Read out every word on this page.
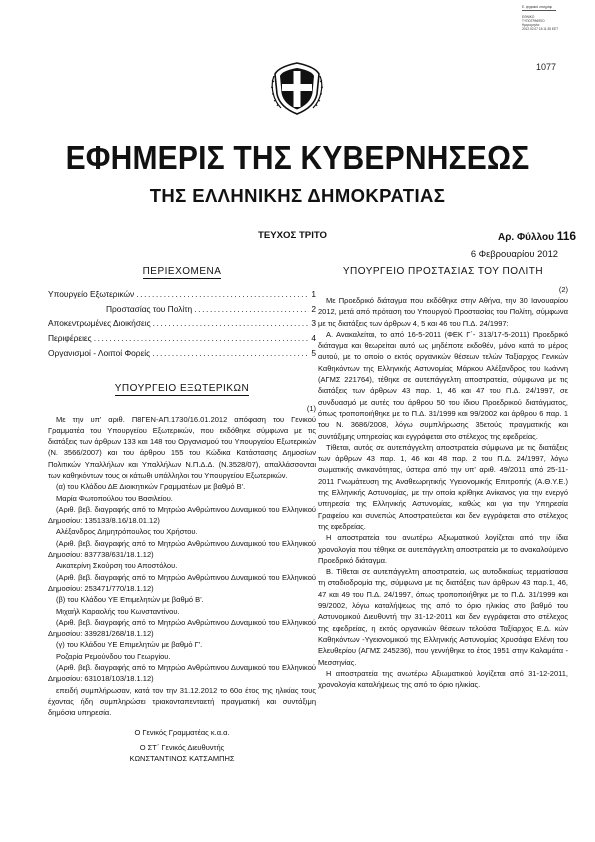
Ε. ψηφιακά υπογράφ
ΕΘΝΙΚΟ
ΤΥΠΟΓΡΑΦΕΙΟ
Ημερομηνία:
2012.02.07 15:11:35 EET
1077
ΕΦΗΜΕΡΙΣ ΤΗΣ ΚΥΒΕΡΝΗΣΕΩΣ
ΤΗΣ ΕΛΛΗΝΙΚΗΣ ΔΗΜΟΚΡΑΤΙΑΣ
ΤΕΥΧΟΣ ΤΡΙΤΟ	Αρ. Φύλλου 116
6 Φεβρουαρίου 2012
ΠΕΡΙΕΧΟΜΕΝΑ
Υπουργείο Εξωτερικών .....	1
Προστασίας του Πολίτη .....	2
Αποκεντρωμένες Διοικήσεις .....	3
Περιφέρειες .....	4
Οργανισμοί - Λοιποί Φορείς .....	5
ΥΠΟΥΡΓΕΙΟ ΕΞΩΤΕΡΙΚΩΝ
(1)

Με την υπ' αριθ. Π8ΓΕΝ-ΑΠ.1730/16.01.2012 απόφαση του Γενικού Γραμματέα του Υπουργείου Εξωτερικών, που εκδόθηκε σύμφωνα με τις διατάξεις των άρθρων 133 και 148 του Οργανισμού του Υπουργείου Εξωτερικών (Ν. 3566/2007) και του άρθρου 155 του Κώδικα Κατάστασης Δημοσίων Πολιτικών Υπαλλήλων και Υπαλλήλων Ν.Π.Δ.Δ. (Ν.3528/07), απαλλάσσονται των καθηκόντων τους οι κάτωθι υπάλληλοι του Υπουργείου Εξωτερικών.

(α) του Κλάδου ΔΕ Διοικητικών Γραμματέων με βαθμό Β'.

Μαρία Φωτοπούλου του Βασιλείου.

(Αριθ. βεβ. διαγραφής από το Μητρώο Ανθρώπινου Δυναμικού του Ελληνικού Δημοσίου: 135133/8.16/18.01.12)

Αλέξανδρος Δημητρόπουλος του Χρήστου.

(Αριθ. βεβ. διαγραφής από το Μητρώο Ανθρώπινου Δυναμικού του Ελληνικού Δημοσίου: 837738/631/18.1.12)

Αικατερίνη Σκούρση του Αποστόλου.

(Αριθ. βεβ. διαγραφής από το Μητρώο Ανθρώπινου Δυναμικού του Ελληνικού Δημοσίου: 253471/770/18.1.12)

(β) του Κλάδου ΥΕ Επιμελητών με βαθμό Β'.

Μιχαήλ Καραολής του Κωνσταντίνου.

(Αριθ. βεβ. διαγραφής από το Μητρώο Ανθρώπινου Δυναμικού του Ελληνικού Δημοσίου: 339281/268/18.1.12)

(γ) του Κλάδου ΥΕ Επιμελητών με βαθμό Γ'.

Ροζαρία Ρεμούνδου του Γεωργίου.

(Αριθ. βεβ. διαγραφής από το Μητρώο Ανθρώπινου Δυναμικού του Ελληνικού Δημοσίου: 631018/103/18.1.12)

επειδή συμπλήρωσαν, κατά τον την 31.12.2012 το 60ο έτος της ηλικίας τους έχοντας ήδη συμπληρώσει τριακονταπενταετή πραγματική και συντάξιμη δημόσια υπηρεσία.

Ο Γενικός Γραμματέας κ.α.α.

Ο ΣΤ΄ Γενικός Διευθυντής

ΚΩΝΣΤΑΝΤΙΝΟΣ ΚΑΤΣΑΜΠΗΣ

ΥΠΟΥΡΓΕΙΟ ΠΡΟΣΤΑΣΙΑΣ ΤΟΥ ΠΟΛΙΤΗ
(2)

Με Προεδρικό διάταγμα που εκδόθηκε στην Αθήνα, την 30 Ιανουαρίου 2012, μετά από πρόταση του Υπουργού Προστασίας του Πολίτη, σύμφωνα με τις διατάξεις των άρθρων 4, 5 και 46 του Π.Δ. 24/1997:

Α. Ανακαλείται, το από 16-5-2011 (ΦΕΚ Γ΄- 313/17-5-2011) Προεδρικό διάταγμα και θεωρείται αυτό ως μηδέποτε εκδοθέν, μόνο κατά το μέρος αυτού, με το οποίο ο εκτός οργανικών θέσεων τελών Ταξίαρχος Γενικών Καθηκόντων της Ελληνικής Αστυνομίας Μάρκου Αλέξανδρος του Ιωάννη (ΑΓΜΣ 221764), τέθηκε σε αυτεπάγγελτη αποστρατεία, σύμφωνα με τις διατάξεις των άρθρων 43 παρ. 1, 46 και 47 του Π.Δ. 24/1997, σε συνδυασμό με αυτές του άρθρου 50 του ίδιου Προεδρικού διατάγματος, όπως τροποποιήθηκε με το Π.Δ. 31/1999 και 99/2002 και άρθρου 6 παρ. 1 του Ν. 3686/2008, λόγω συμπλήρωσης 35ετούς πραγματικής και συντάξιμης υπηρεσίας και εγγράφεται στο στέλεχος της εφεδρείας.

Τίθεται, αυτός σε αυτεπάγγελτη αποστρατεία σύμφωνα με τις διατάξεις των άρθρων 43 παρ. 1, 46 και 48 παρ. 2 του Π.Δ. 24/1997, λόγω σωματικής ανικανότητας, ύστερα από την υπ' αριθ. 49/2011 από 25-11-2011 Γνωμάτευση της Αναθεωρητικής Υγειονομικής Επιτροπής (Α.Θ.Υ.Ε.) της Ελληνικής Αστυνομίας, με την οποία κρίθηκε Ανίκανος για την ενεργό υπηρεσία της Ελληνικής Αστυνομίας, καθώς και για την Υπηρεσία Γραφείου και συνεπώς Αποστρατεύεται και δεν εγγράφεται στο στέλεχος της εφεδρείας.

Η αποστρατεία του ανωτέρω Αξιωματικού λογίζεται από την ίδια χρονολογία που τέθηκε σε αυτεπάγγελτη αποστρατεία με το ανακαλούμενο Προεδρικό διάταγμα.

Β. Τίθεται σε αυτεπάγγελτη αποστρατεία, ως αυτοδικαίως τερματίσασα τη σταδιοδρομία της, σύμφωνα με τις διατάξεις των άρθρων 43 παρ.1, 46, 47 και 49 του Π.Δ. 24/1997, όπως τροποποιήθηκε με το Π.Δ. 31/1999 και 99/2002, λόγω καταλήψεως της από το όριο ηλικίας στο βαθμό του Αστυνομικού Διευθυντή την 31-12-2011 και δεν εγγράφεται στο στέλεχος της εφεδρείας, η εκτός οργανικών θέσεων τελούσα Ταξίαρχος Ε.Δ. κών Καθηκόντων -Υγειονομικού της Ελληνικής Αστυνομίας Χρυσάφα Ελένη του Ελευθερίου (ΑΓΜΣ 245236), που γεννήθηκε το έτος 1951 στην Καλαμάτα - Μεσσηνίας.

Η αποστρατεία της ανωτέρω Αξιωματικού λογίζεται από 31-12-2011, χρονολογία καταλήψεως της από το όριο ηλικίας.
